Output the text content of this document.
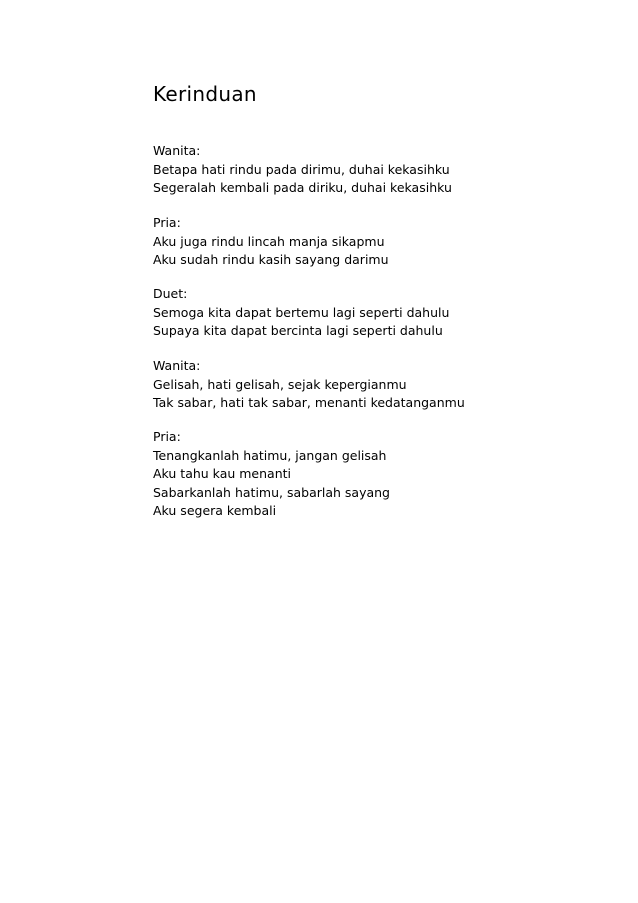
Kerinduan
Wanita:
Betapa hati rindu pada dirimu, duhai kekasihku
Segeralah kembali pada diriku, duhai kekasihku
Pria:
Aku juga rindu lincah manja sikapmu
Aku sudah rindu kasih sayang darimu
Duet:
Semoga kita dapat bertemu lagi seperti dahulu
Supaya kita dapat bercinta lagi seperti dahulu
Wanita:
Gelisah, hati gelisah, sejak kepergianmu
Tak sabar, hati tak sabar, menanti kedatanganmu
Pria:
Tenangkanlah hatimu, jangan gelisah
Aku tahu kau menanti
Sabarkanlah hatimu, sabarlah sayang
Aku segera kembali
